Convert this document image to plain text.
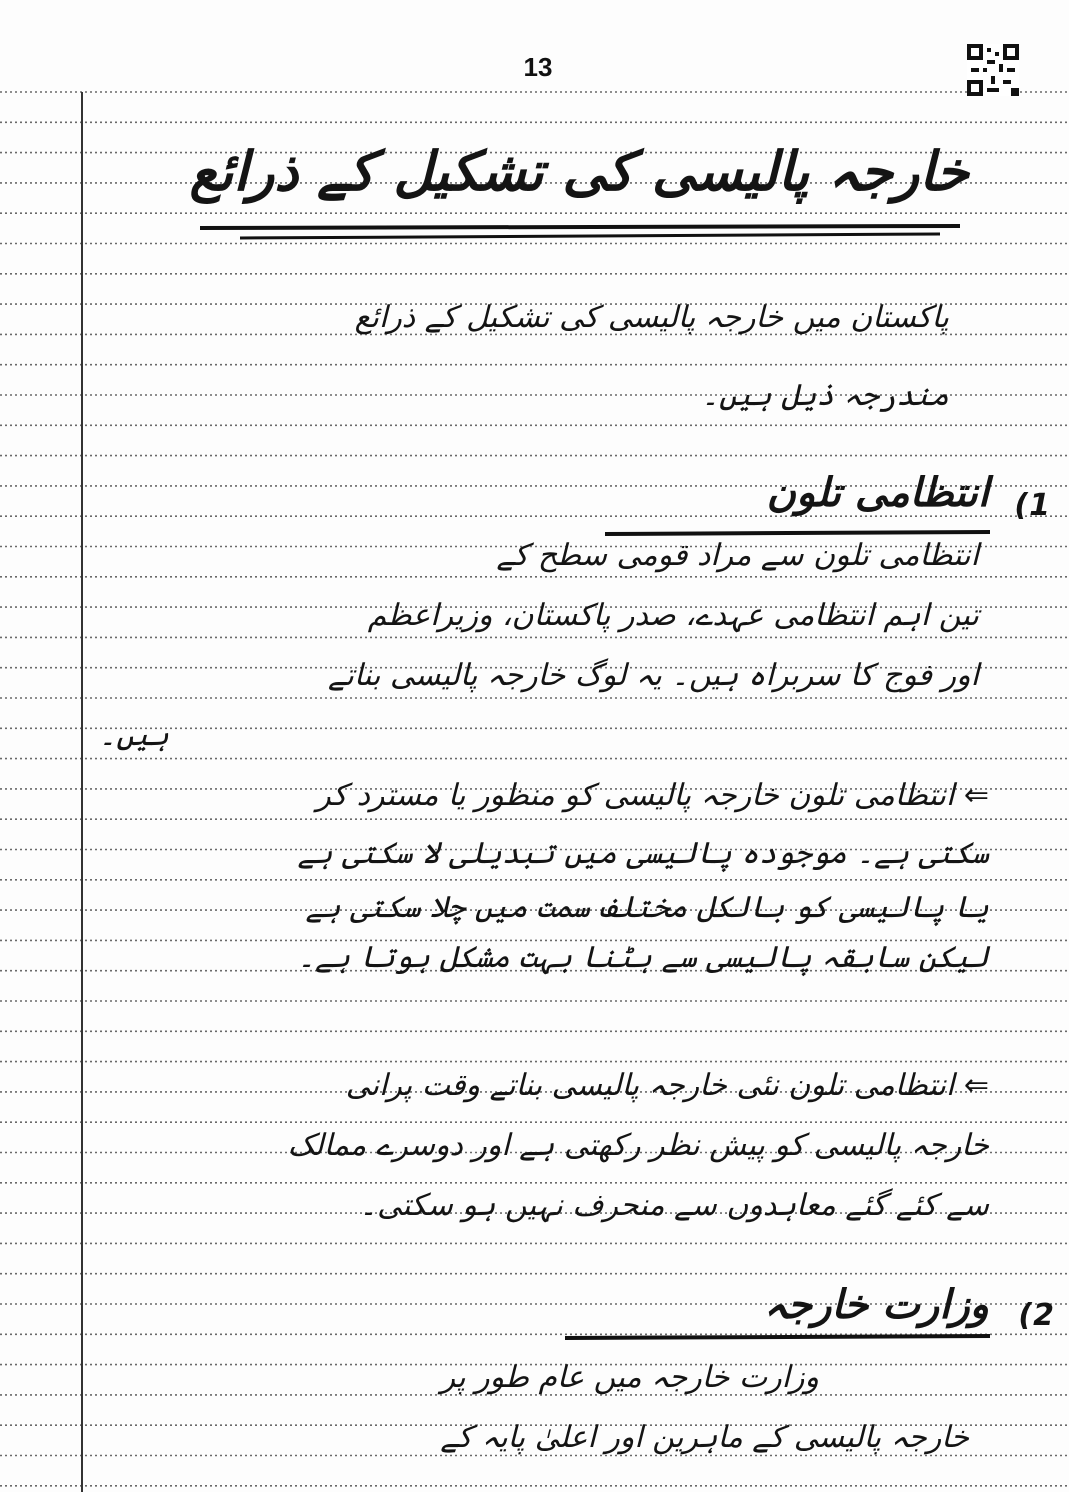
13
خارجہ پالیسی کی تشکیل کے ذرائع
پاکستان میں خارجہ پالیسی کی تشکیل کے ذرائع
مندرجہ ذیل ہیں۔
(1
انتظامی تلون
انتظامی تلون سے مراد قومی سطح کے
تین اہم انتظامی عہدے، صدر پاکستان، وزیراعظم
اور فوج کا سربراہ ہیں۔ یہ لوگ خارجہ پالیسی بناتے
ہیں۔
⇐ انتظامی تلون خارجہ پالیسی کو منظور یا مسترد کر
سکتی ہے۔ موجودہ پالیسی میں تبدیلی لا سکتی ہے
یا پالیسی کو بالکل مختلف سمت میں چلا سکتی ہے
لیکن سابقہ پالیسی سے ہٹنا بہت مشکل ہوتا ہے۔
⇐ انتظامی تلون نئی خارجہ پالیسی بناتے وقت پرانی
خارجہ پالیسی کو پیش نظر رکھتی ہے اور دوسرے ممالک
سے کئے گئے معاہدوں سے منحرف نہیں ہو سکتی۔
(2
وزارت خارجہ
وزارت خارجہ میں عام طور پر
خارجہ پالیسی کے ماہرین اور اعلیٰ پایہ کے
